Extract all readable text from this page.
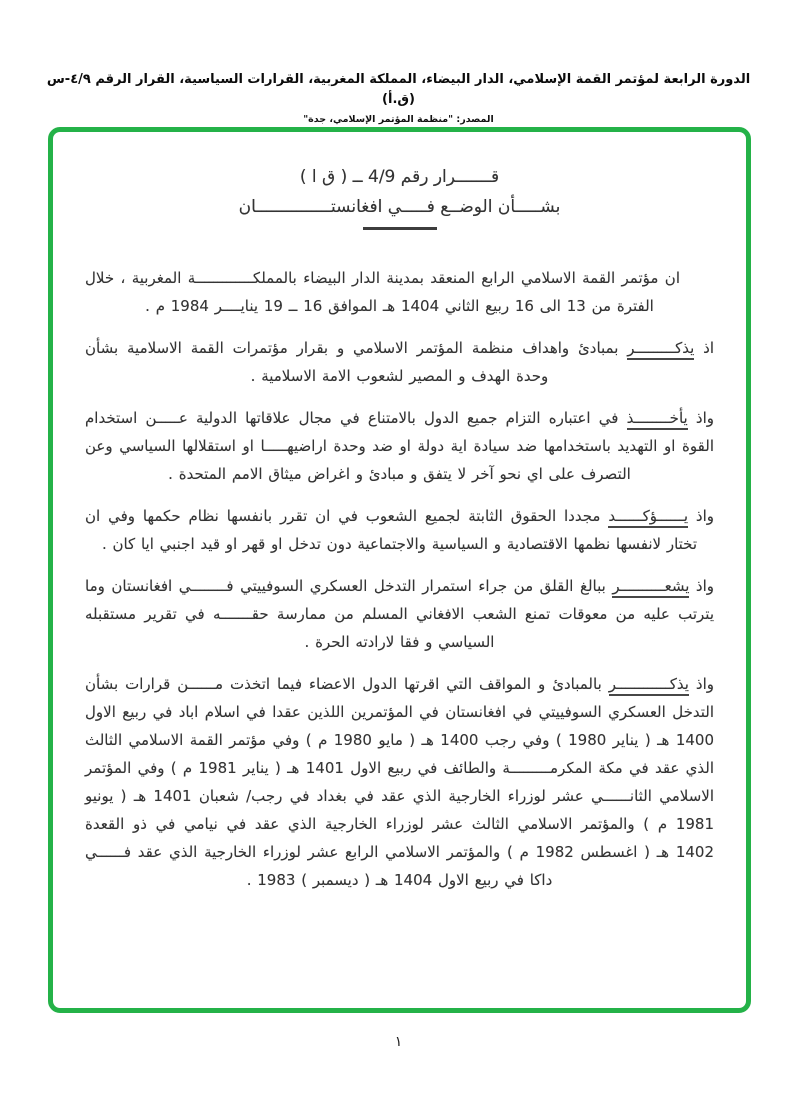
الدورة الرابعة لمؤتمر القمة الإسلامي، الدار البيضاء، المملكة المغربية، القرارات السياسية، القرار الرقم ٤/٩-س (ق.أ)
المصدر: "منظمة المؤتمر الإسلامي، جدة"
قـــــــرار رقم 4/9 ــ ( ق ا )
بشـــــأن الوضــع فـــــي افغانستـــــــــــــــان

ان مؤتمر القمة الاسلامي الرابع المنعقد بمدينة الدار البيضاء بالمملكـــــــــــــة المغربية ، خلال الفترة من 13 الى 16 ربيع الثاني 1404 هـ الموافق 16 ــ 19 ينايــــر 1984 م .

اذ يذكـــــــــر بمبادئ واهداف منظمة المؤتمر الاسلامي و بقرار مؤتمرات القمة الاسلامية بشأن وحدة الهدف و المصير لشعوب الامة الاسلامية .

واذ يأخــــــــذ في اعتباره التزام جميع الدول بالامتناع في مجال علاقاتها الدولية عـــــن استخدام القوة او التهديد باستخدامها ضد سيادة اية دولة او ضد وحدة اراضيهـــــا او استقلالها السياسي وعن التصرف على اي نحو آخر لا يتفق و مبادئ و اغراض ميثاق الامم المتحدة .

واذ يــــــؤكــــــد مجددا الحقوق الثابتة لجميع الشعوب في ان تقرر بانفسها نظام حكمها وفي ان تختار لانفسها نظمها الاقتصادية و السياسية والاجتماعية دون تدخل او قهر او قيد اجنبي ايا كان .

واذ يشعــــــــــر ببالغ القلق من جراء استمرار التدخل العسكري السوفييتي فــــــــي افغانستان وما يترتب عليه من معوقات تمنع الشعب الافغاني المسلم من ممارسة حقـــــــه في تقرير مستقبله السياسي و فقا لارادته الحرة .

واذ يذكــــــــــــر بالمبادئ و المواقف التي اقرتها الدول الاعضاء فيما اتخذت مــــــن قرارات بشأن التدخل العسكري السوفييتي في افغانستان في المؤتمرين اللذين عقدا في اسلام اباد في ربيع الاول 1400 هـ ( يناير 1980 ) وفي رجب 1400 هـ ( مايو 1980 م ) وفي مؤتمر القمة الاسلامي الثالث الذي عقد في مكة المكرمـــــــــة والطائف في ربيع الاول 1401 هـ ( يناير 1981 م ) وفي المؤتمر الاسلامي الثانــــــي عشر لوزراء الخارجية الذي عقد في بغداد في رجب/ شعبان 1401 هـ ( يونيو 1981 م ) والمؤتمر الاسلامي الثالث عشر لوزراء الخارجية الذي عقد في نيامي في ذو القعدة 1402 هـ ( اغسطس 1982 م ) والمؤتمر الاسلامي الرابع عشر لوزراء الخارجية الذي عقد فــــــي داكا في ربيع الاول 1404 هـ ( ديسمبر ) 1983 .

١
